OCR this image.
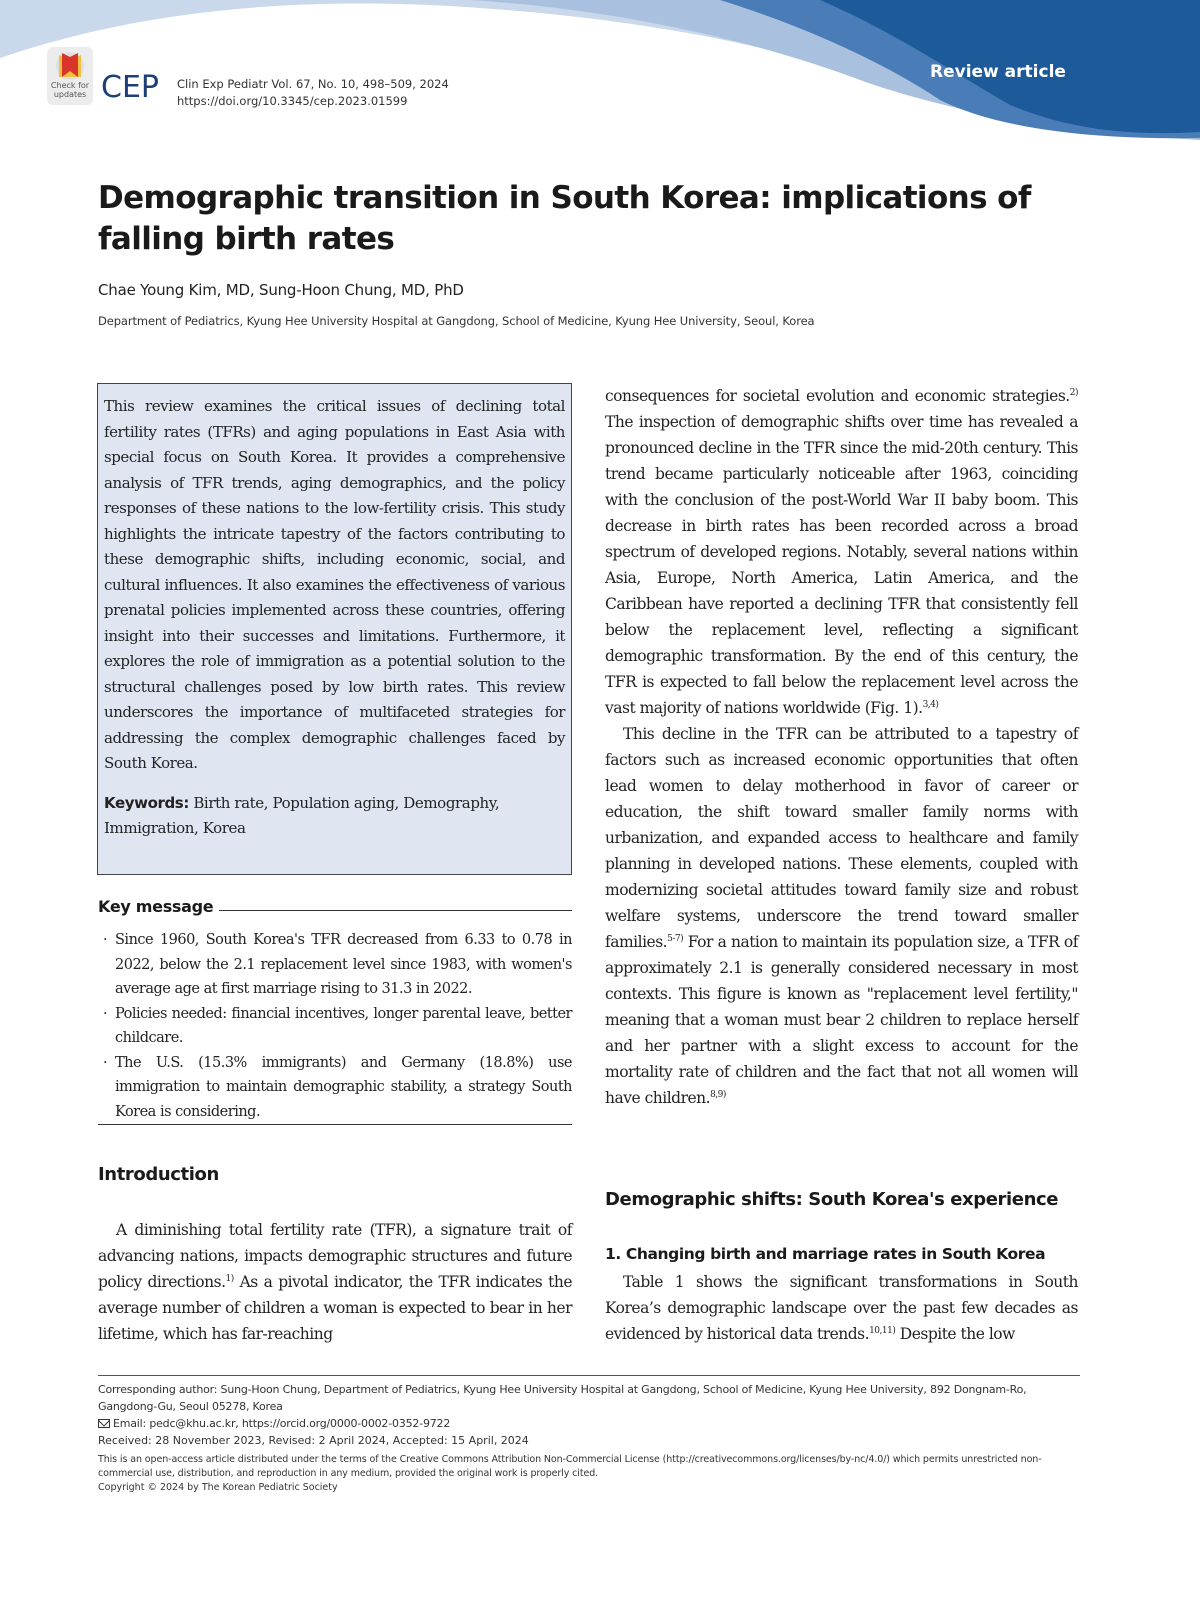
Check for updates CEP Clin Exp Pediatr Vol. 67, No. 10, 498–509, 2024
https://doi.org/10.3345/cep.2023.01599
Review article
Demographic transition in South Korea: implications of falling birth rates
Chae Young Kim, MD, Sung-Hoon Chung, MD, PhD
Department of Pediatrics, Kyung Hee University Hospital at Gangdong, School of Medicine, Kyung Hee University, Seoul, Korea

This review examines the critical issues of declining total fertility rates (TFRs) and aging populations in East Asia with special focus on South Korea. It provides a comprehensive analysis of TFR trends, aging demographics, and the policy responses of these nations to the low-fertility crisis. This study highlights the intricate tapestry of the factors contributing to these demographic shifts, including economic, social, and cultural influences. It also examines the effectiveness of various prenatal policies implemented across these countries, offering insight into their successes and limitations. Furthermore, it explores the role of immigration as a potential solution to the structural challenges posed by low birth rates. This review underscores the importance of multifaceted strategies for addressing the complex demographic challenges faced by South Korea.

Keywords: Birth rate, Population aging, Demography, Immigration, Korea

Key message
· Since 1960, South Korea's TFR decreased from 6.33 to 0.78 in 2022, below the 2.1 replacement level since 1983, with women's average age at first marriage rising to 31.3 in 2022.
· Policies needed: financial incentives, longer parental leave, better childcare.
· The U.S. (15.3% immigrants) and Germany (18.8%) use immigration to maintain demographic stability, a strategy South Korea is considering.
Introduction

A diminishing total fertility rate (TFR), a signature trait of advancing nations, impacts demographic structures and future policy directions.$^{1)}$ As a pivotal indicator, the TFR indicates the average number of children a woman is expected to bear in her lifetime, which has far-reaching

consequences for societal evolution and economic strategies.$^{2)}$ The inspection of demographic shifts over time has revealed a pronounced decline in the TFR since the mid-20th century. This trend became particularly noticeable after 1963, coinciding with the conclusion of the post-World War II baby boom. This decrease in birth rates has been recorded across a broad spectrum of developed regions. Notably, several nations within Asia, Europe, North America, Latin America, and the Caribbean have reported a declining TFR that consistently fell below the replacement level, reflecting a significant demographic transformation. By the end of this century, the TFR is expected to fall below the replacement level across the vast majority of nations worldwide (Fig. 1).$^{3,4)}$

This decline in the TFR can be attributed to a tapestry of factors such as increased economic opportunities that often lead women to delay motherhood in favor of career or education, the shift toward smaller family norms with urbanization, and expanded access to healthcare and family planning in developed nations. These elements, coupled with modernizing societal attitudes toward family size and robust welfare systems, underscore the trend toward smaller families.$^{5-7)}$ For a nation to maintain its population size, a TFR of approximately 2.1 is generally considered necessary in most contexts. This figure is known as "replacement level fertility," meaning that a woman must bear 2 children to replace herself and her partner with a slight excess to account for the mortality rate of children and the fact that not all women will have children.$^{8,9)}$

Demographic shifts: South Korea's experience
1. Changing birth and marriage rates in South Korea

Table 1 shows the significant transformations in South Korea’s demographic landscape over the past few decades as evidenced by historical data trends.$^{10,11)}$ Despite the low

Corresponding author: Sung-Hoon Chung, Department of Pediatrics, Kyung Hee University Hospital at Gangdong, School of Medicine, Kyung Hee University, 892 Dongnam-Ro, Gangdong-Gu, Seoul 05278, Korea
Email: pedc@khu.ac.kr, https://orcid.org/0000-0002-0352-9722
Received: 28 November 2023, Revised: 2 April 2024, Accepted: 15 April, 2024
This is an open-access article distributed under the terms of the Creative Commons Attribution Non-Commercial License (http://creativecommons.org/licenses/by-nc/4.0/) which permits unrestricted non-commercial use, distribution, and reproduction in any medium, provided the original work is properly cited.
Copyright © 2024 by The Korean Pediatric Society
